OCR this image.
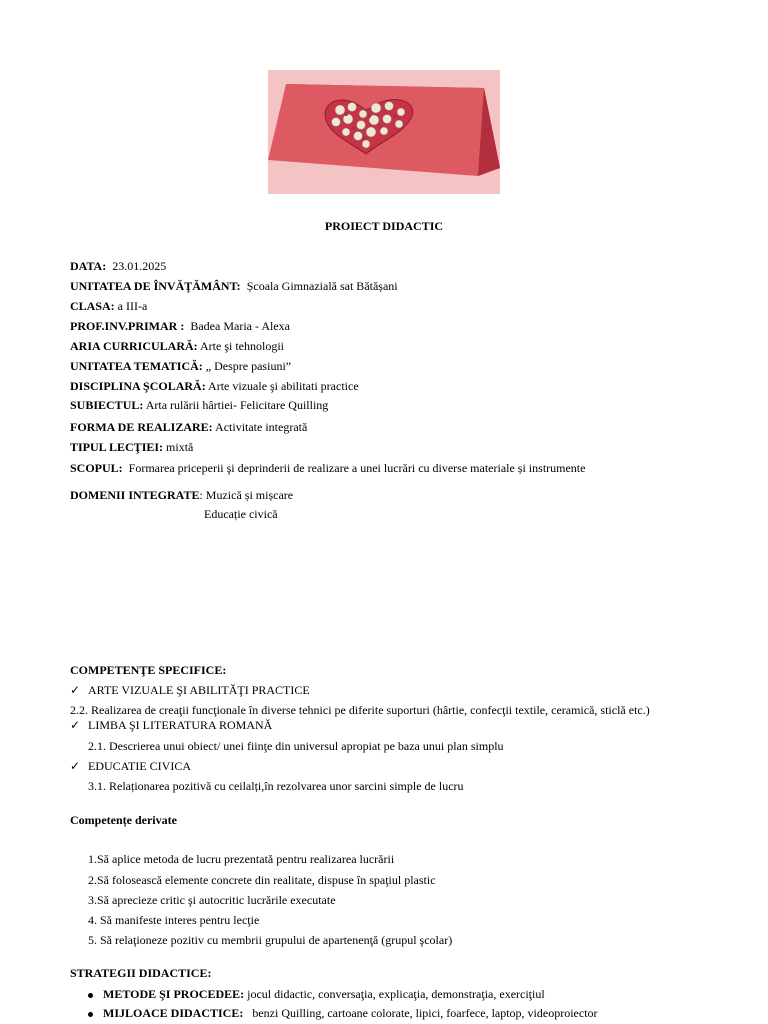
PROIECT DIDACTIC
DATA: 23.01.2025
UNITATEA DE ÎNVĂŢĂMÂNT: Școala Gimnazială sat Bătășani
CLASA: a III-a
PROF.INV.PRIMAR : Badea Maria - Alexa
ARIA CURRICULARĂ: Arte şi tehnologii
UNITATEA TEMATICĂ: „ Despre pasiuni”
DISCIPLINA ŞCOLARĂ: Arte vizuale şi abilitati practice
SUBIECTUL: Arta rulării hârtiei- Felicitare Quilling
FORMA DE REALIZARE: Activitate integrată
TIPUL LECŢIEI: mixtă
SCOPUL: Formarea priceperii şi deprinderii de realizare a unei lucrări cu diverse materiale și instrumente
DOMENII INTEGRATE: Muzică și mișcare
Educație civică
COMPETENŢE SPECIFICE:
✓ ARTE VIZUALE ŞI ABILITĂŢI PRACTICE
2.2. Realizarea de creaţii funcţionale în diverse tehnici pe diferite suporturi (hârtie, confecţii textile, ceramică, sticlă etc.)
✓ LIMBA ŞI LITERATURA ROMANĂ
2.1. Descrierea unui obiect/ unei fiinţe din universul apropiat pe baza unui plan simplu
✓ EDUCATIE CIVICA
3.1. Relaționarea pozitivă cu ceilalți,în rezolvarea unor sarcini simple de lucru
Competențe derivate
1.Să aplice metoda de lucru prezentată pentru realizarea lucrării
2.Să folosească elemente concrete din realitate, dispuse în spaţiul plastic
3.Să aprecieze critic şi autocritic lucrările executate
4. Să manifeste interes pentru lecţie
5. Să relaţioneze pozitiv cu membrii grupului de apartenenţă (grupul şcolar)
STRATEGII DIDACTICE:
METODE ŞI PROCEDEE: jocul didactic, conversaţia, explicaţia, demonstraţia, exerciţiul
MIJLOACE DIDACTICE: benzi Quilling, cartoane colorate, lipici, foarfece, laptop, videoproiector
